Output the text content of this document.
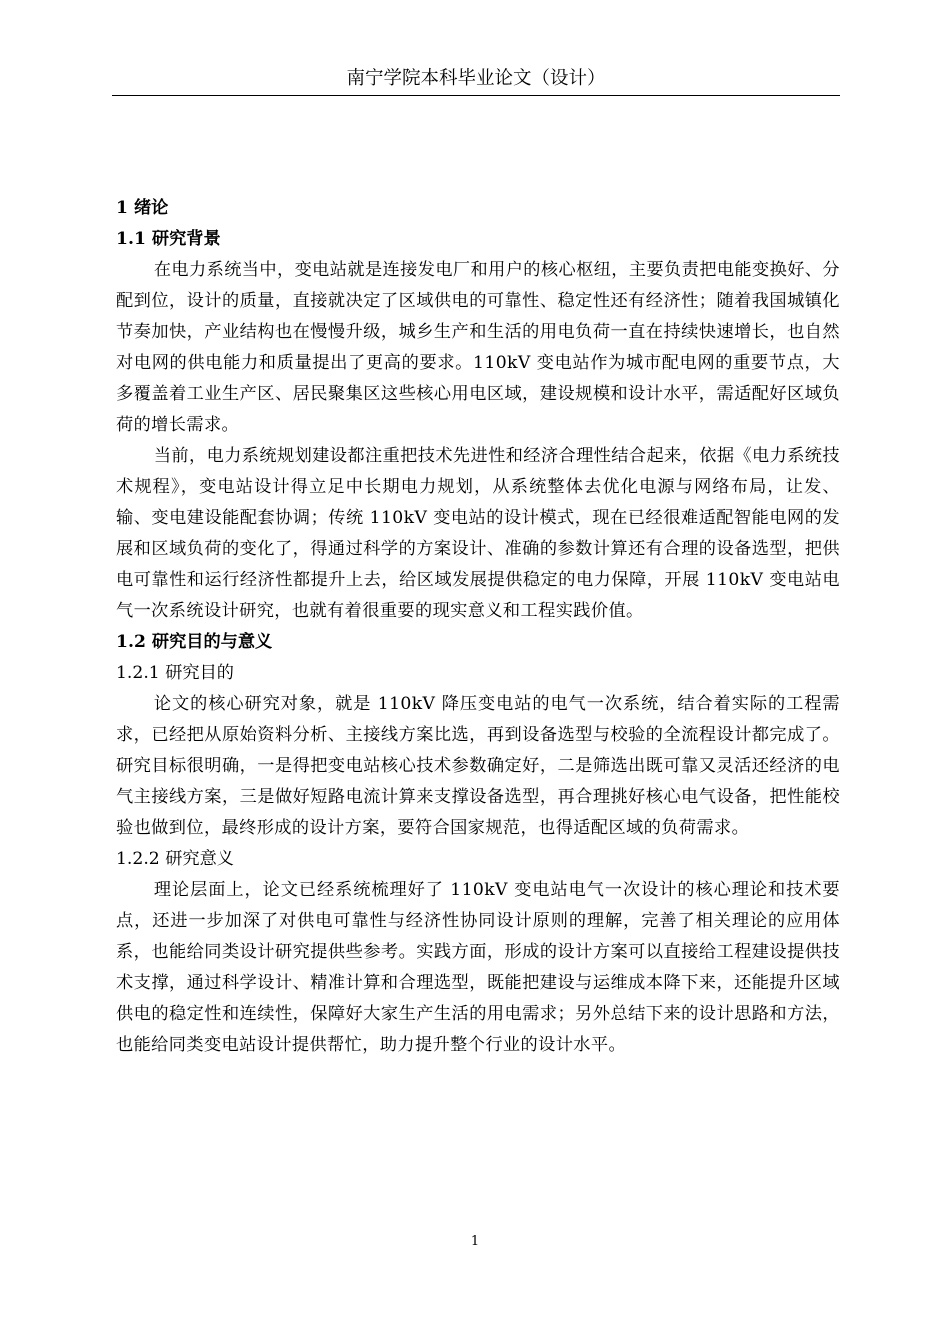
南宁学院本科毕业论文（设计）

1 绪论

1.1 研究背景

在电力系统当中，变电站就是连接发电厂和用户的核心枢纽，主要负责把电能变换好、分配到位，设计的质量，直接就决定了区域供电的可靠性、稳定性还有经济性；随着我国城镇化节奏加快，产业结构也在慢慢升级，城乡生产和生活的用电负荷一直在持续快速增长，也自然对电网的供电能力和质量提出了更高的要求。110kV 变电站作为城市配电网的重要节点，大多覆盖着工业生产区、居民聚集区这些核心用电区域，建设规模和设计水平，需适配好区域负荷的增长需求。

当前，电力系统规划建设都注重把技术先进性和经济合理性结合起来，依据《电力系统技术规程》，变电站设计得立足中长期电力规划，从系统整体去优化电源与网络布局，让发、输、变电建设能配套协调；传统 110kV 变电站的设计模式，现在已经很难适配智能电网的发展和区域负荷的变化了，得通过科学的方案设计、准确的参数计算还有合理的设备选型，把供电可靠性和运行经济性都提升上去，给区域发展提供稳定的电力保障，开展 110kV 变电站电气一次系统设计研究，也就有着很重要的现实意义和工程实践价值。

1.2 研究目的与意义

1.2.1 研究目的

论文的核心研究对象，就是 110kV 降压变电站的电气一次系统，结合着实际的工程需求，已经把从原始资料分析、主接线方案比选，再到设备选型与校验的全流程设计都完成了。研究目标很明确，一是得把变电站核心技术参数确定好，二是筛选出既可靠又灵活还经济的电气主接线方案，三是做好短路电流计算来支撑设备选型，再合理挑好核心电气设备，把性能校验也做到位，最终形成的设计方案，要符合国家规范，也得适配区域的负荷需求。

1.2.2 研究意义

理论层面上，论文已经系统梳理好了 110kV 变电站电气一次设计的核心理论和技术要点，还进一步加深了对供电可靠性与经济性协同设计原则的理解，完善了相关理论的应用体系，也能给同类设计研究提供些参考。实践方面，形成的设计方案可以直接给工程建设提供技术支撑，通过科学设计、精准计算和合理选型，既能把建设与运维成本降下来，还能提升区域供电的稳定性和连续性，保障好大家生产生活的用电需求；另外总结下来的设计思路和方法，也能给同类变电站设计提供帮忙，助力提升整个行业的设计水平。

1
